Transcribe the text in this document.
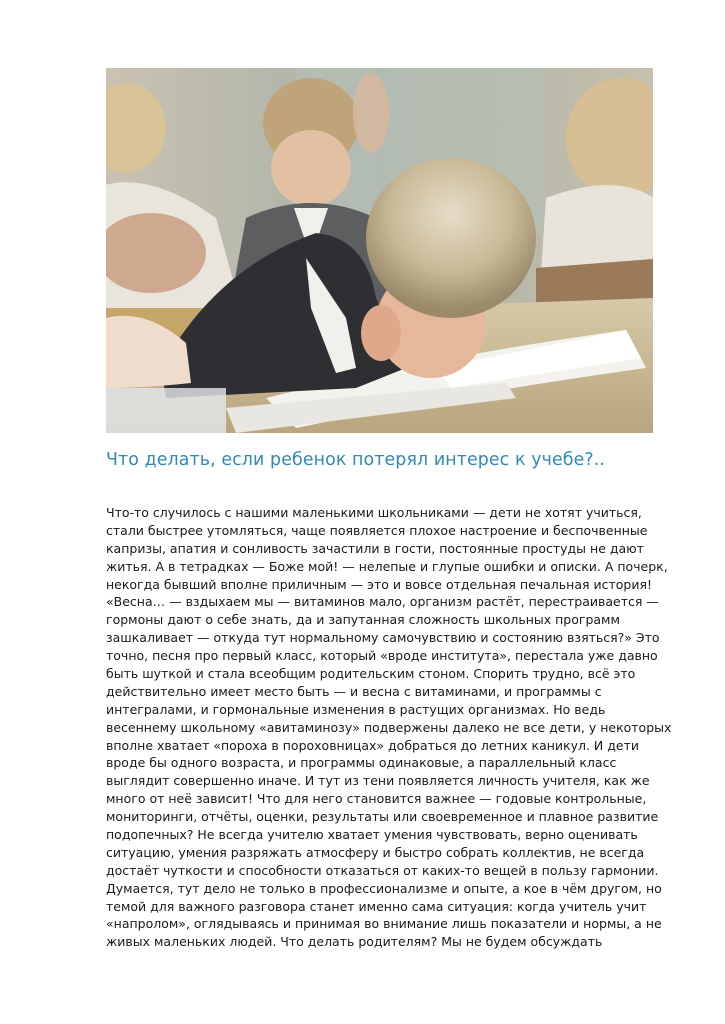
Что делать, если ребенок потерял интерес к учебе?..
Что-то случилось с нашими маленькими школьниками — дети не хотят учиться,
стали быстрее утомляться, чаще появляется плохое настроение и беспочвенные
капризы, апатия и сонливость зачастили в гости, постоянные простуды не дают
житья. А в тетрадках — Боже мой! — нелепые и глупые ошибки и описки. А почерк,
некогда бывший вполне приличным — это и вовсе отдельная печальная история!
«Весна… — вздыхаем мы — витаминов мало, организм растёт, перестраивается —
гормоны дают о себе знать, да и запутанная сложность школьных программ
зашкаливает — откуда тут нормальному самочувствию и состоянию взяться?» Это
точно, песня про первый класс, который «вроде института», перестала уже давно
быть шуткой и стала всеобщим родительским стоном. Спорить трудно, всё это
действительно имеет место быть — и весна с витаминами, и программы с
интегралами, и гормональные изменения в растущих организмах. Но ведь
весеннему школьному «авитаминозу» подвержены далеко не все дети, у некоторых
вполне хватает «пороха в пороховницах» добраться до летних каникул. И дети
вроде бы одного возраста, и программы одинаковые, а параллельный класс
выглядит совершенно иначе. И тут из тени появляется личность учителя, как же
много от неё зависит! Что для него становится важнее — годовые контрольные,
мониторинги, отчёты, оценки, результаты или своевременное и плавное развитие
подопечных? Не всегда учителю хватает умения чувствовать, верно оценивать
ситуацию, умения разряжать атмосферу и быстро собрать коллектив, не всегда
достаёт чуткости и способности отказаться от каких-то вещей в пользу гармонии.
Думается, тут дело не только в профессионализме и опыте, а кое в чём другом, но
темой для важного разговора станет именно сама ситуация: когда учитель учит
«напролом», оглядываясь и принимая во внимание лишь показатели и нормы, а не
живых маленьких людей. Что делать родителям? Мы не будем обсуждать
